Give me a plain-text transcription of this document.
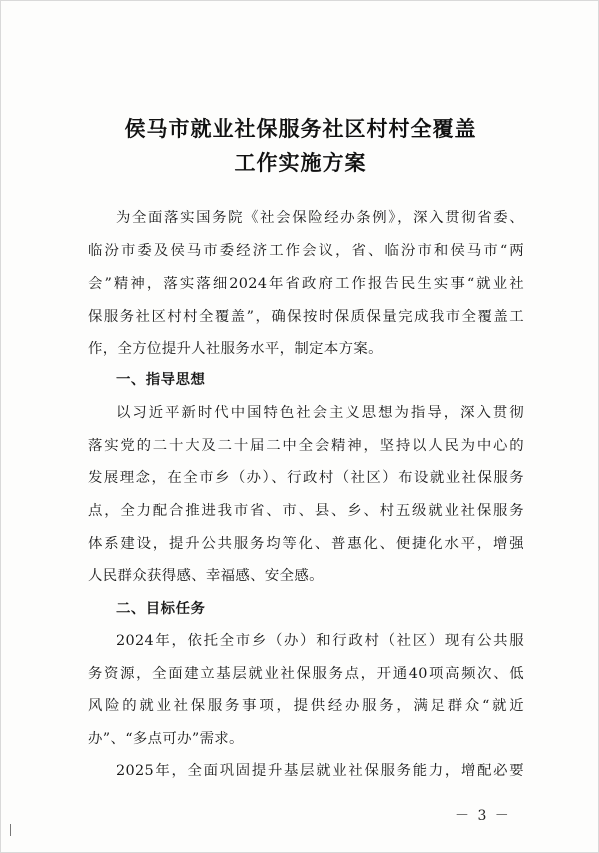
侯马市就业社保服务社区村村全覆盖
工作实施方案
为全面落实国务院《社会保险经办条例》，深入贯彻省委、
临汾市委及侯马市委经济工作会议，省、临汾市和侯马市“两
会”精神，落实落细2024年省政府工作报告民生实事“就业社
保服务社区村村全覆盖”，确保按时保质保量完成我市全覆盖工
作，全方位提升人社服务水平，制定本方案。
一、指导思想
以习近平新时代中国特色社会主义思想为指导，深入贯彻
落实党的二十大及二十届二中全会精神，坚持以人民为中心的
发展理念，在全市乡（办）、行政村（社区）布设就业社保服务
点，全力配合推进我市省、市、县、乡、村五级就业社保服务
体系建设，提升公共服务均等化、普惠化、便捷化水平，增强
人民群众获得感、幸福感、安全感。
二、目标任务
2024年，依托全市乡（办）和行政村（社区）现有公共服
务资源，全面建立基层就业社保服务点，开通40项高频次、低
风险的就业社保服务事项，提供经办服务，满足群众“就近
办”、“多点可办”需求。
2025年，全面巩固提升基层就业社保服务能力，增配必要
－ 3 －
